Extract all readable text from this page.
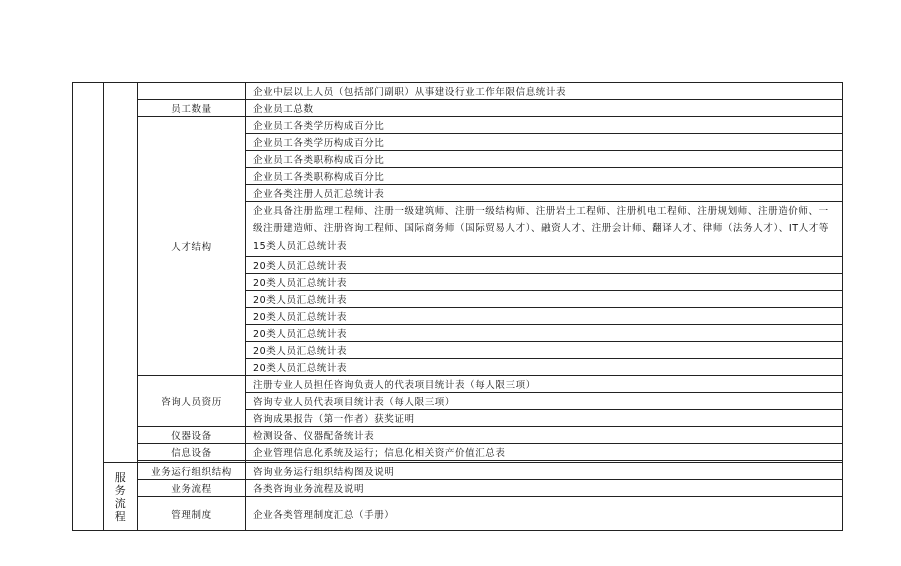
			企业中层以上人员（包括部门副职）从事建设行业工作年限信息统计表
		员工数量	企业员工总数
		人才结构	企业员工各类学历构成百分比
			企业员工各类学历构成百分比
			企业员工各类职称构成百分比
			企业员工各类职称构成百分比
			企业各类注册人员汇总统计表
			企业具备注册监理工程师、注册一级建筑师、注册一级结构师、注册岩土工程师、注册机电工程师、注册规划师、注册造价师、一级注册建造师、注册咨询工程师、国际商务师（国际贸易人才）、融资人才、注册会计师、翻译人才、律师（法务人才）、IT人才等15类人员汇总统计表
			20类人员汇总统计表
			20类人员汇总统计表
			20类人员汇总统计表
			20类人员汇总统计表
			20类人员汇总统计表
			20类人员汇总统计表
			20类人员汇总统计表
		咨询人员资历	注册专业人员担任咨询负责人的代表项目统计表（每人限三项）
			咨询专业人员代表项目统计表（每人限三项）
			咨询成果报告（第一作者）获奖证明
		仪器设备	检测设备、仪器配备统计表
		信息设备	企业管理信息化系统及运行；信息化相关资产价值汇总表

	服务流程	业务运行组织结构	咨询业务运行组织结构图及说明
		业务流程	各类咨询业务流程及说明
		管理制度	企业各类管理制度汇总（手册）
